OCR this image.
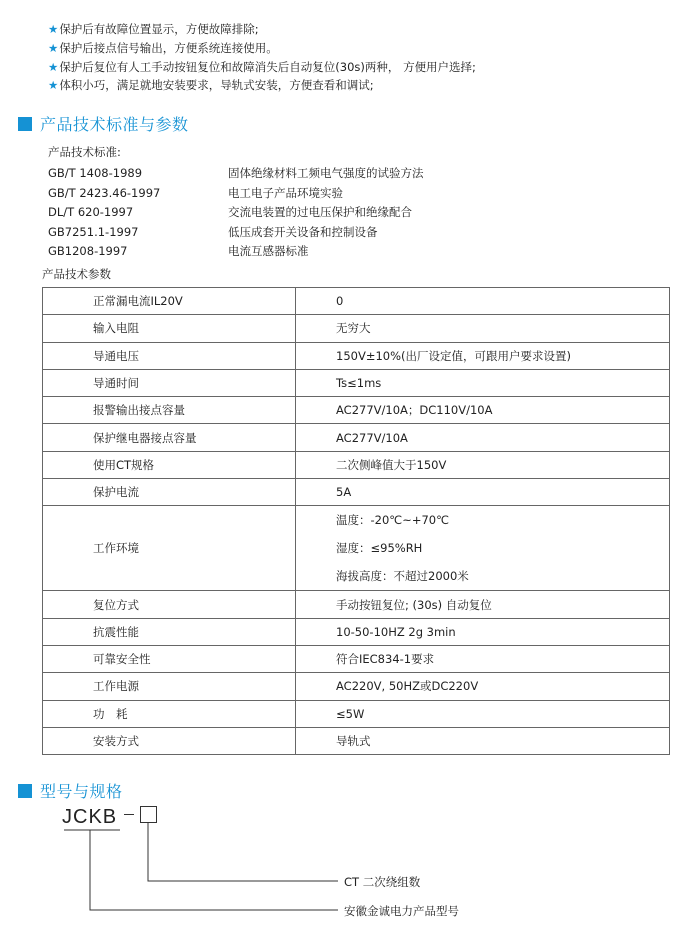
★保护后有故障位置显示，方便故障排除;
★保护后接点信号输出，方便系统连接使用。
★保护后复位有人工手动按钮复位和故障消失后自动复位(30s)两种， 方便用户选择;
★体积小巧，满足就地安装要求，导轨式安装，方便查看和调试;
产品技术标准与参数
产品技术标准:
GB/T 1408-1989	固体绝缘材料工频电气强度的试验方法
GB/T 2423.46-1997	电工电子产品环境实验
DL/T 620-1997	交流电装置的过电压保护和绝缘配合
GB7251.1-1997	低压成套开关设备和控制设备
GB1208-1997	电流互感器标准
产品技术参数
正常漏电流IL20V	0
输入电阻	无穷大
导通电压	150V±10%(出厂设定值，可跟用户要求设置)
导通时间	Ts≤1ms
报警输出接点容量	AC277V/10A；DC110V/10A
保护继电器接点容量	AC277V/10A
使用CT规格	二次侧峰值大于150V
保护电流	5A
工作环境	温度：-20℃~+70℃
湿度：≤95%RH
海拔高度：不超过2000米

复位方式	手动按钮复位; (30s) 自动复位
抗震性能	10-50-10HZ 2g 3min
可靠安全性	符合IEC834-1要求
工作电源	AC220V, 50HZ或DC220V
功　耗	≤5W
安装方式	导轨式
型号与规格
JCKB
CT 二次绕组数
安徽金诚电力产品型号
